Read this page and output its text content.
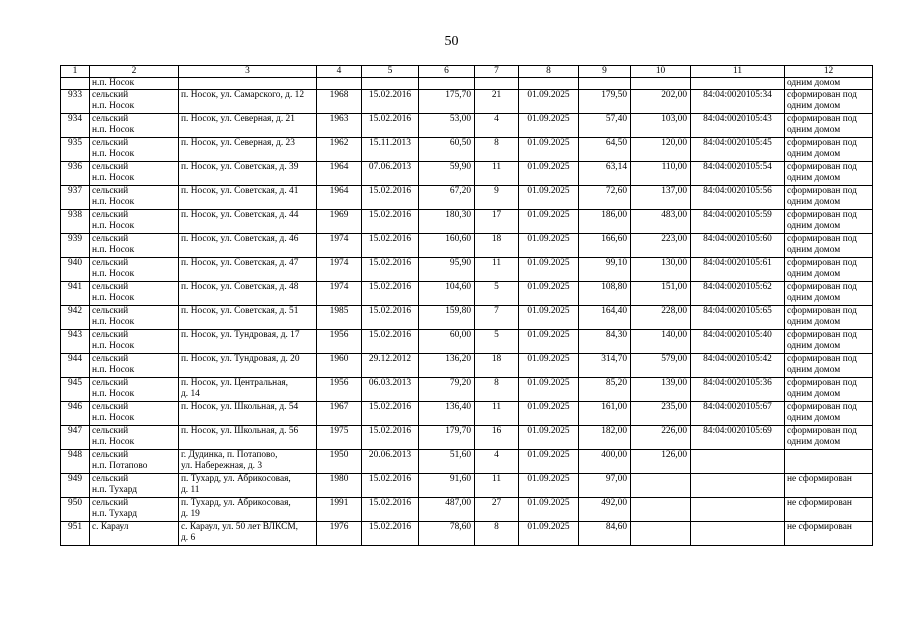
50
1	2	3	4	5	6	7	8	9	10	11	12
	н.п. Носок										одним домом
933	сельский
н.п. Носок	п. Носок, ул. Самарского, д. 12	1968	15.02.2016	175,70	21	01.09.2025	179,50	202,00	84:04:0020105:34	сформирован под
одним домом

934	сельский
н.п. Носок	п. Носок, ул. Северная, д. 21	1963	15.02.2016	53,00	4	01.09.2025	57,40	103,00	84:04:0020105:43	сформирован под
одним домом

935	сельский
н.п. Носок	п. Носок, ул. Северная, д. 23	1962	15.11.2013	60,50	8	01.09.2025	64,50	120,00	84:04:0020105:45	сформирован под
одним домом

936	сельский
н.п. Носок	п. Носок, ул. Советская, д. 39	1964	07.06.2013	59,90	11	01.09.2025	63,14	110,00	84:04:0020105:54	сформирован под
одним домом

937	сельский
н.п. Носок	п. Носок, ул. Советская, д. 41	1964	15.02.2016	67,20	9	01.09.2025	72,60	137,00	84:04:0020105:56	сформирован под
одним домом

938	сельский
н.п. Носок	п. Носок, ул. Советская, д. 44	1969	15.02.2016	180,30	17	01.09.2025	186,00	483,00	84:04:0020105:59	сформирован под
одним домом

939	сельский
н.п. Носок	п. Носок, ул. Советская, д. 46	1974	15.02.2016	160,60	18	01.09.2025	166,60	223,00	84:04:0020105:60	сформирован под
одним домом

940	сельский
н.п. Носок	п. Носок, ул. Советская, д. 47	1974	15.02.2016	95,90	11	01.09.2025	99,10	130,00	84:04:0020105:61	сформирован под
одним домом

941	сельский
н.п. Носок	п. Носок, ул. Советская, д. 48	1974	15.02.2016	104,60	5	01.09.2025	108,80	151,00	84:04:0020105:62	сформирован под
одним домом

942	сельский
н.п. Носок	п. Носок, ул. Советская, д. 51	1985	15.02.2016	159,80	7	01.09.2025	164,40	228,00	84:04:0020105:65	сформирован под
одним домом

943	сельский
н.п. Носок	п. Носок, ул. Тундровая, д. 17	1956	15.02.2016	60,00	5	01.09.2025	84,30	140,00	84:04:0020105:40	сформирован под
одним домом

944	сельский
н.п. Носок	п. Носок, ул. Тундровая, д. 20	1960	29.12.2012	136,20	18	01.09.2025	314,70	579,00	84:04:0020105:42	сформирован под
одним домом

945	сельский
н.п. Носок	п. Носок, ул. Центральная,
д. 14	1956	06.03.2013	79,20	8	01.09.2025	85,20	139,00	84:04:0020105:36	сформирован под
одним домом

946	сельский
н.п. Носок	п. Носок, ул. Школьная, д. 54	1967	15.02.2016	136,40	11	01.09.2025	161,00	235,00	84:04:0020105:67	сформирован под
одним домом

947	сельский
н.п. Носок	п. Носок, ул. Школьная, д. 56	1975	15.02.2016	179,70	16	01.09.2025	182,00	226,00	84:04:0020105:69	сформирован под
одним домом

948	сельский
н.п. Потапово	г. Дудинка, п. Потапово,
ул. Набережная, д. 3	1950	20.06.2013	51,60	4	01.09.2025	400,00	126,00		

949	сельский
н.п. Тухард	п. Тухард, ул. Абрикосовая,
д. 11	1980	15.02.2016	91,60	11	01.09.2025	97,00			не сформирован

950	сельский
н.п. Тухард	п. Тухард, ул. Абрикосовая,
д. 19	1991	15.02.2016	487,00	27	01.09.2025	492,00			не сформирован

951	с. Караул	с. Караул, ул. 50 лет ВЛКСМ,
д. 6	1976	15.02.2016	78,60	8	01.09.2025	84,60			не сформирован
